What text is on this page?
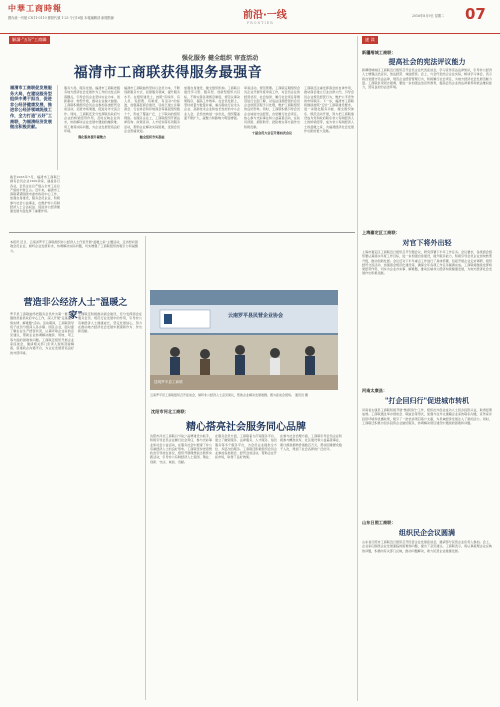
中華工商時報
國內統一刊號 CN11-0110 郵發代號 1-25 今日16版 本報編輯部 新聞熱線	前沿·一线
FRONTIER
2016年8月9日 星期二 07
解讀·"五好"工商聯
强化服务 健全组织 审查活动
福清市工商联获得服务最强音
福清市工商联促发展服务大局，在建设服务型组织中勇于担当，促进非公经济健康发展，推进非公经济领域统战工作，全力打造"五好"工商联，为福清经济发展做出积极贡献。
截至2016年7月，福清市工商联已拥有会员企业1200余家，涵盖各行各业，会员企业总产值占全市工业总产值的半壁江山。近年来，福清市工商联紧紧围绕市委市政府中心工作，加强自身建设，服务会员企业，积极参与社会公益事业，在维护非公有制经济人士合法权益、促进非公经济健康发展方面发挥了重要作用。
服务大局，服务发展。福清市工商联把服务地方经济社会发展作为工作的出发点和落脚点，引导会员企业坚持实业为本、创新驱动、转型升级，推动企业做大做强。工商联积极组织会员企业参加各类经贸洽谈活动，拓宽市场渠道，促进对外交流合作。同时，工商联还充分发挥联系政府与企业的桥梁纽带作用，及时反映企业诉求，协助解决企业发展中遇到的融资难、用工难等实际问题，为企业发展营造良好环境。
强化服务提升凝聚力
福清市工商联始终坚持以会员为本，不断创新服务方式、拓展服务领域、提升服务水平。在组织建设上，按照"有场所、有人员、有经费、有制度、有活动"的标准，加强基层商会建设，目前已建立乡镇商会、行业协会和异地商会等基层组织数十个，形成了覆盖广泛、上下联动的组织网络。在服务企业上，工商联组织开展法律咨询、政策宣讲、人才培训等系列服务活动，帮助企业解决实际困难，受到会员企业普遍欢迎。
健全组织夯实基础
加强自身建设，健全组织机构。工商联以建设学习型、服务型、创新型组织为目标，不断完善各项规章制度，规范议事决策程序，提高工作效率。在会员发展上，坚持质量与数量并重，重点吸收行业龙头企业、高新技术企业和成长性好的中小企业入会，会员结构进一步优化，组织覆盖面不断扩大，凝聚力和影响力明显增强。
审查活动，规范管理。工商联定期组织会员企业开展年度审查工作，对会员企业的经营状况、社会信誉、履行社会责任等情况进行全面了解，对违法违规经营的会员企业依照章程予以处理，维护工商联组织的良好形象。同时，工商联积极引导会员企业诚信守法经营，自觉履行社会责任，热心参与光彩事业和公益慈善活动，在扶贫济困、捐资助学、抢险救灾等方面作出积极贡献。
十届会员大会召开第四次会议
工商联还注重发挥商会的自律作用，推动商会建立行业自律公约，引导会员企业规范经营行为，维护公平竞争的市场秩序。下一步，福清市工商联将继续按照"五好"工商联建设要求，进一步强化服务功能、健全组织体系、规范活动开展，努力把工商联建设成为党和政府联系非公有制经济人士的桥梁纽带，成为非公有制经济人士的温暖之家，为福清经济社会发展作出新的更大贡献。
本报讯 近日，云南省罗平工商联组织非公经济人士代表开展"温暖之家"主题活动，走访慰问困难会员企业，倾听企业发展诉求，协调解决实际问题，切实增强了工商联组织的吸引力和凝聚力。
营造非公经济人士"温暖之家"
罗平县工商联始终把服务会员作为第一要务，围绕县委县政府中心工作，深入开展"走基层、察实情、解难题"活动。活动期间，工商联领导班子成员分组深入各乡镇、园区企业，面对面了解企业生产经营状况，认真听取企业家的意见建议，帮助企业协调解决融资、用地、用工等方面的困难和问题。工商联还组织开展企业家座谈会，邀请相关部门负责人现场答疑解惑，搭建政企沟通平台，为企业发展营造良好的外部环境。
工商联还积极推动商会建设，充分发挥商会在服务会员、规范行业发展中的作用，引导非公有制经济人士健康成长，坚定发展信心，努力在推动地方经济社会发展中展现新作为、作出新贡献。
云南罗平县民营企业协会
昆明罗平县工商联
云南罗平县工商联组织召开座谈会，倾听非公经济人士意见建议，帮助企业解决发展难题。图为座谈会现场。 通讯员 摄
沈阳市河北工商联：
精心搭亮社会服务同心品牌
沈阳市河北工商联以"同心"品牌建设为抓手，积极引导会员企业履行社会责任，参与光彩事业和社会公益活动，在服务社会中展现了非公有制经济人士的良好形象。工商联坚持把思想政治引导放在首位，组织开展理想信念教育实践活动，引导非公有制经济人士爱国、敬业、创新、守法、诚信、贡献。
在服务会员方面，工商联着力打造服务平台，建立了融资服务、法律服务、人才服务、信息服务等多个服务平台，为会员企业提供全方位、多层次的服务。工商联还积极组织会员企业参加各类展会、经贸洽谈活动，帮助企业开拓市场，取得了良好效果。
在参与社会治理方面，工商联引导会员企业积极参与精准扶贫、社区建设和公益慈善事业，累计捐款捐物价值数百万元，帮扶困难群众数千人次，得到了社会各界的广泛好评。
速 读
新疆塔城工商联：
提高社会的宪法评议能力
新疆塔城地区工商联近日组织召开会员企业代表座谈会，学习宣传宪法法律知识，引导非公经济人士增强法治意识，依法经营、诚信经营。会上，与会代表结合企业实际，畅谈学习体会，表示将自觉遵守宪法法律，规范企业经营管理行为，积极履行社会责任，为地方经济社会发展贡献力量。工商联负责同志强调，要进一步加强法治宣传教育，提高会员企业的法律素养和依法维权能力，营造良好的法治环境。
上海嘉定区工商联：
对官下将外出轻
上海市嘉定区工商联近日组织召开专题会议，研究部署下半年工作任务。会议要求，各级商会组织要认真落实年度工作目标，进一步加强自身建设，提升服务能力，积极引导会员企业加快转型升级，推动创新发展。会议还对下半年重点工作进行了具体部署，包括开展企业走访调研、组织经贸交流活动、加强商会规范化建设等，确保全年各项工作任务圆满完成。工商联将继续发挥桥梁纽带作用，切实为企业办实事、解难题，推动区域非公经济持续健康发展，为地方经济社会发展作出积极贡献。
河南太康县：
"打企回归行"促进城市转机
河南省太康县工商联积极开展"豫商回归"工作，组织在外创业成功人士回乡投资兴业，取得显著成效。工商联通过举办恳谈会、联谊会等形式，加强与在外太康籍企业家的联系沟通，宣传家乡投资环境和优惠政策，吸引了一批优质项目落户太康，为县域经济发展注入了新的活力。同时，工商联还积极为回乡投资企业做好服务，协调解决项目建设中遇到的困难和问题。
山东日照工商联：
组织民企会议圆满
山东省日照市工商联近日组织召开民营企业发展座谈会，邀请部分民营企业负责人参加。会上，企业家们围绕企业发展面临的困难和问题，提出了意见建议。工商联表示，将认真梳理企业反映的问题，积极向有关部门反映，推动问题解决，助力民营企业健康发展。
